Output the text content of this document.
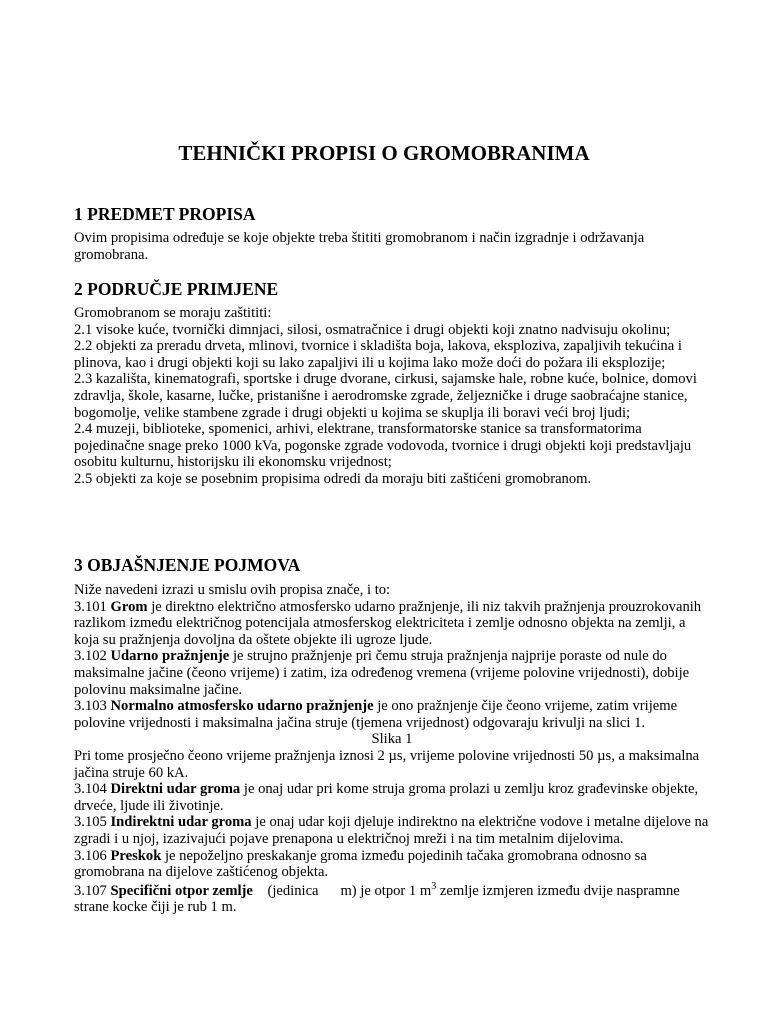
TEHNIČKI PROPISI O GROMOBRANIMA
1 PREDMET PROPISA

Ovim propisima određuje se koje objekte treba štititi gromobranom i način izgradnje i održavanja gromobrana.

2 PODRUČJE PRIMJENE

Gromobranom se moraju zaštititi:

2.1 visoke kuće, tvornički dimnjaci, silosi, osmatračnice i drugi objekti koji znatno nadvisuju okolinu;

2.2 objekti za preradu drveta, mlinovi, tvornice i skladišta boja, lakova, eksploziva, zapaljivih tekućina i plinova, kao i drugi objekti koji su lako zapaljivi ili u kojima lako može doći do požara ili eksplozije;

2.3 kazališta, kinematografi, sportske i druge dvorane, cirkusi, sajamske hale, robne kuće, bolnice, domovi zdravlja, škole, kasarne, lučke, pristanišne i aerodromske zgrade, željezničke i druge saobraćajne stanice, bogomolje, velike stambene zgrade i drugi objekti u kojima se skuplja ili boravi veći broj ljudi;

2.4 muzeji, biblioteke, spomenici, arhivi, elektrane, transformatorske stanice sa transformatorima pojedinačne snage preko 1000 kVa, pogonske zgrade vodovoda, tvornice i drugi objekti koji predstavljaju osobitu kulturnu, historijsku ili ekonomsku vrijednost;

2.5 objekti za koje se posebnim propisima odredi da moraju biti zaštićeni gromobranom.

3 OBJAŠNJENJE POJMOVA

Niže navedeni izrazi u smislu ovih propisa znače, i to:

3.101 Grom je direktno električno atmosfersko udarno pražnjenje, ili niz takvih pražnjenja prouzrokovanih razlikom između električnog potencijala atmosferskog elektriciteta i zemlje odnosno objekta na zemlji, a koja su pražnjenja dovoljna da oštete objekte ili ugroze ljude.

3.102 Udarno pražnjenje je strujno pražnjenje pri čemu struja pražnjenja najprije poraste od nule do maksimalne jačine (čeono vrijeme) i zatim, iza određenog vremena (vrijeme polovine vrijednosti), dobije polovinu maksimalne jačine.

3.103 Normalno atmosfersko udarno pražnjenje je ono pražnjenje čije čeono vrijeme, zatim vrijeme polovine vrijednosti i maksimalna jačina struje (tjemena vrijednost) odgovaraju krivulji na slici 1.

Slika 1

Pri tome prosječno čeono vrijeme pražnjenja iznosi 2 µs, vrijeme polovine vrijednosti 50 µs, a maksimalna jačina struje 60 kA.

3.104 Direktni udar groma je onaj udar pri kome struja groma prolazi u zemlju kroz građevinske objekte, drveće, ljude ili životinje.

3.105 Indirektni udar groma je onaj udar koji djeluje indirektno na električne vodove i metalne dijelove na zgradi i u njoj, izazivajući pojave prenapona u električnoj mreži i na tim metalnim dijelovima.

3.106 Preskok je nepoželjno preskakanje groma između pojedinih tačaka gromobrana odnosno sa gromobrana na dijelove zaštićenog objekta.

3.107 Specifični otpor zemlje (jedinica m) je otpor 1 $m^3$ zemlje izmjeren između dvije naspramne strane kocke čiji je rub 1 m.
